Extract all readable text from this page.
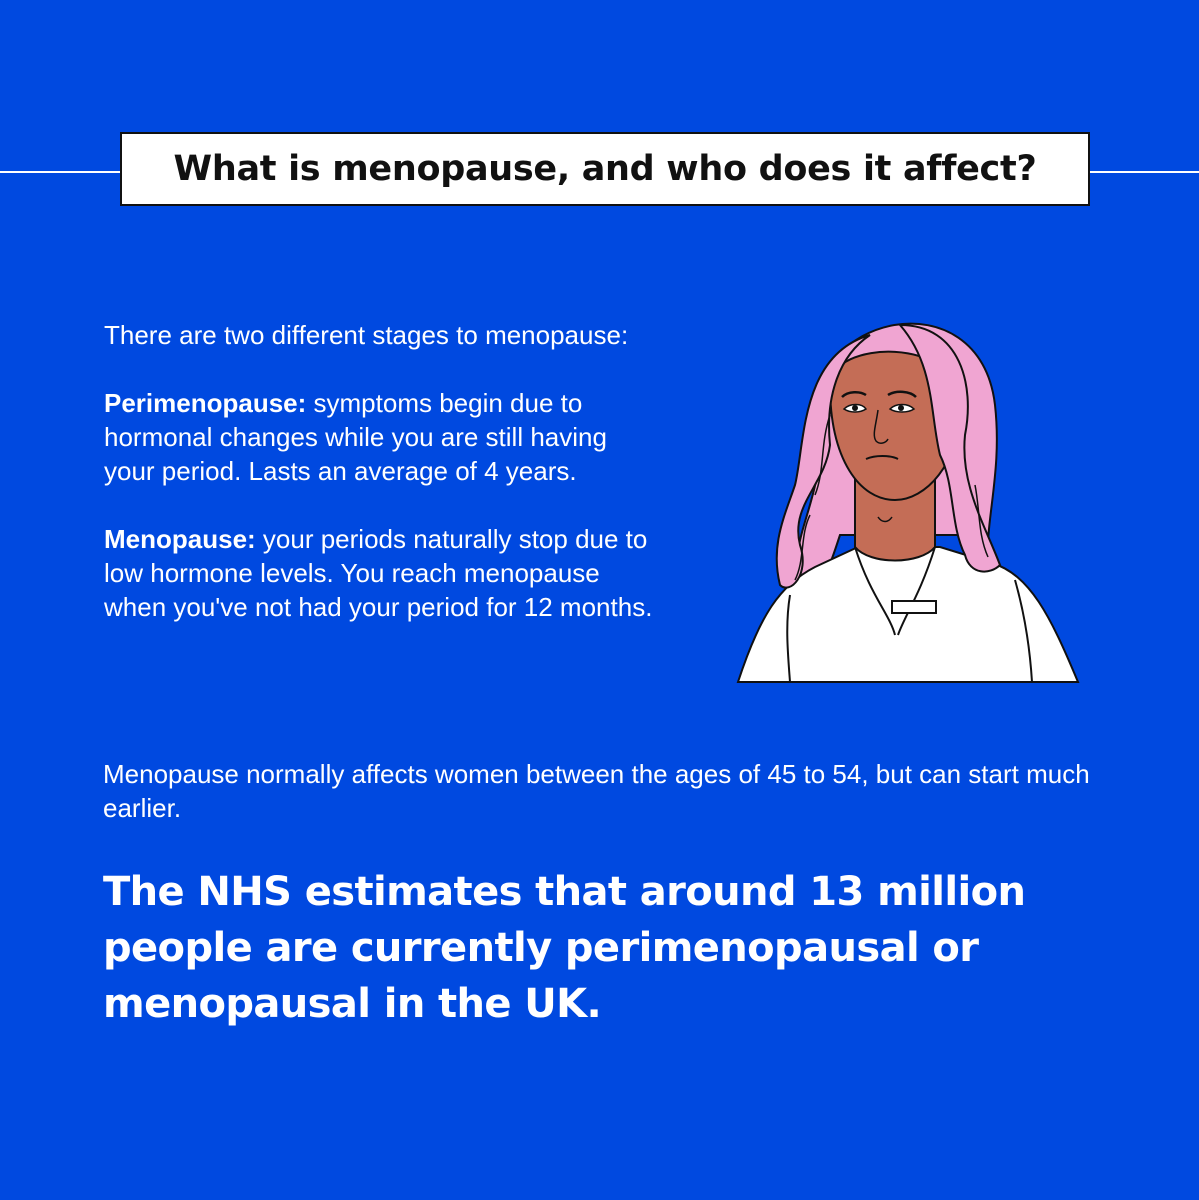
What is menopause, and who does it affect?

There are two different stages to menopause:

Perimenopause: symptoms begin due to hormonal changes while you are still having your period. Lasts an average of 4 years.

Menopause: your periods naturally stop due to low hormone levels. You reach menopause when you've not had your period for 12 months.

Menopause normally affects women between the ages of 45 to 54, but can start much earlier.
The NHS estimates that around 13 million people are currently perimenopausal or menopausal in the UK.
